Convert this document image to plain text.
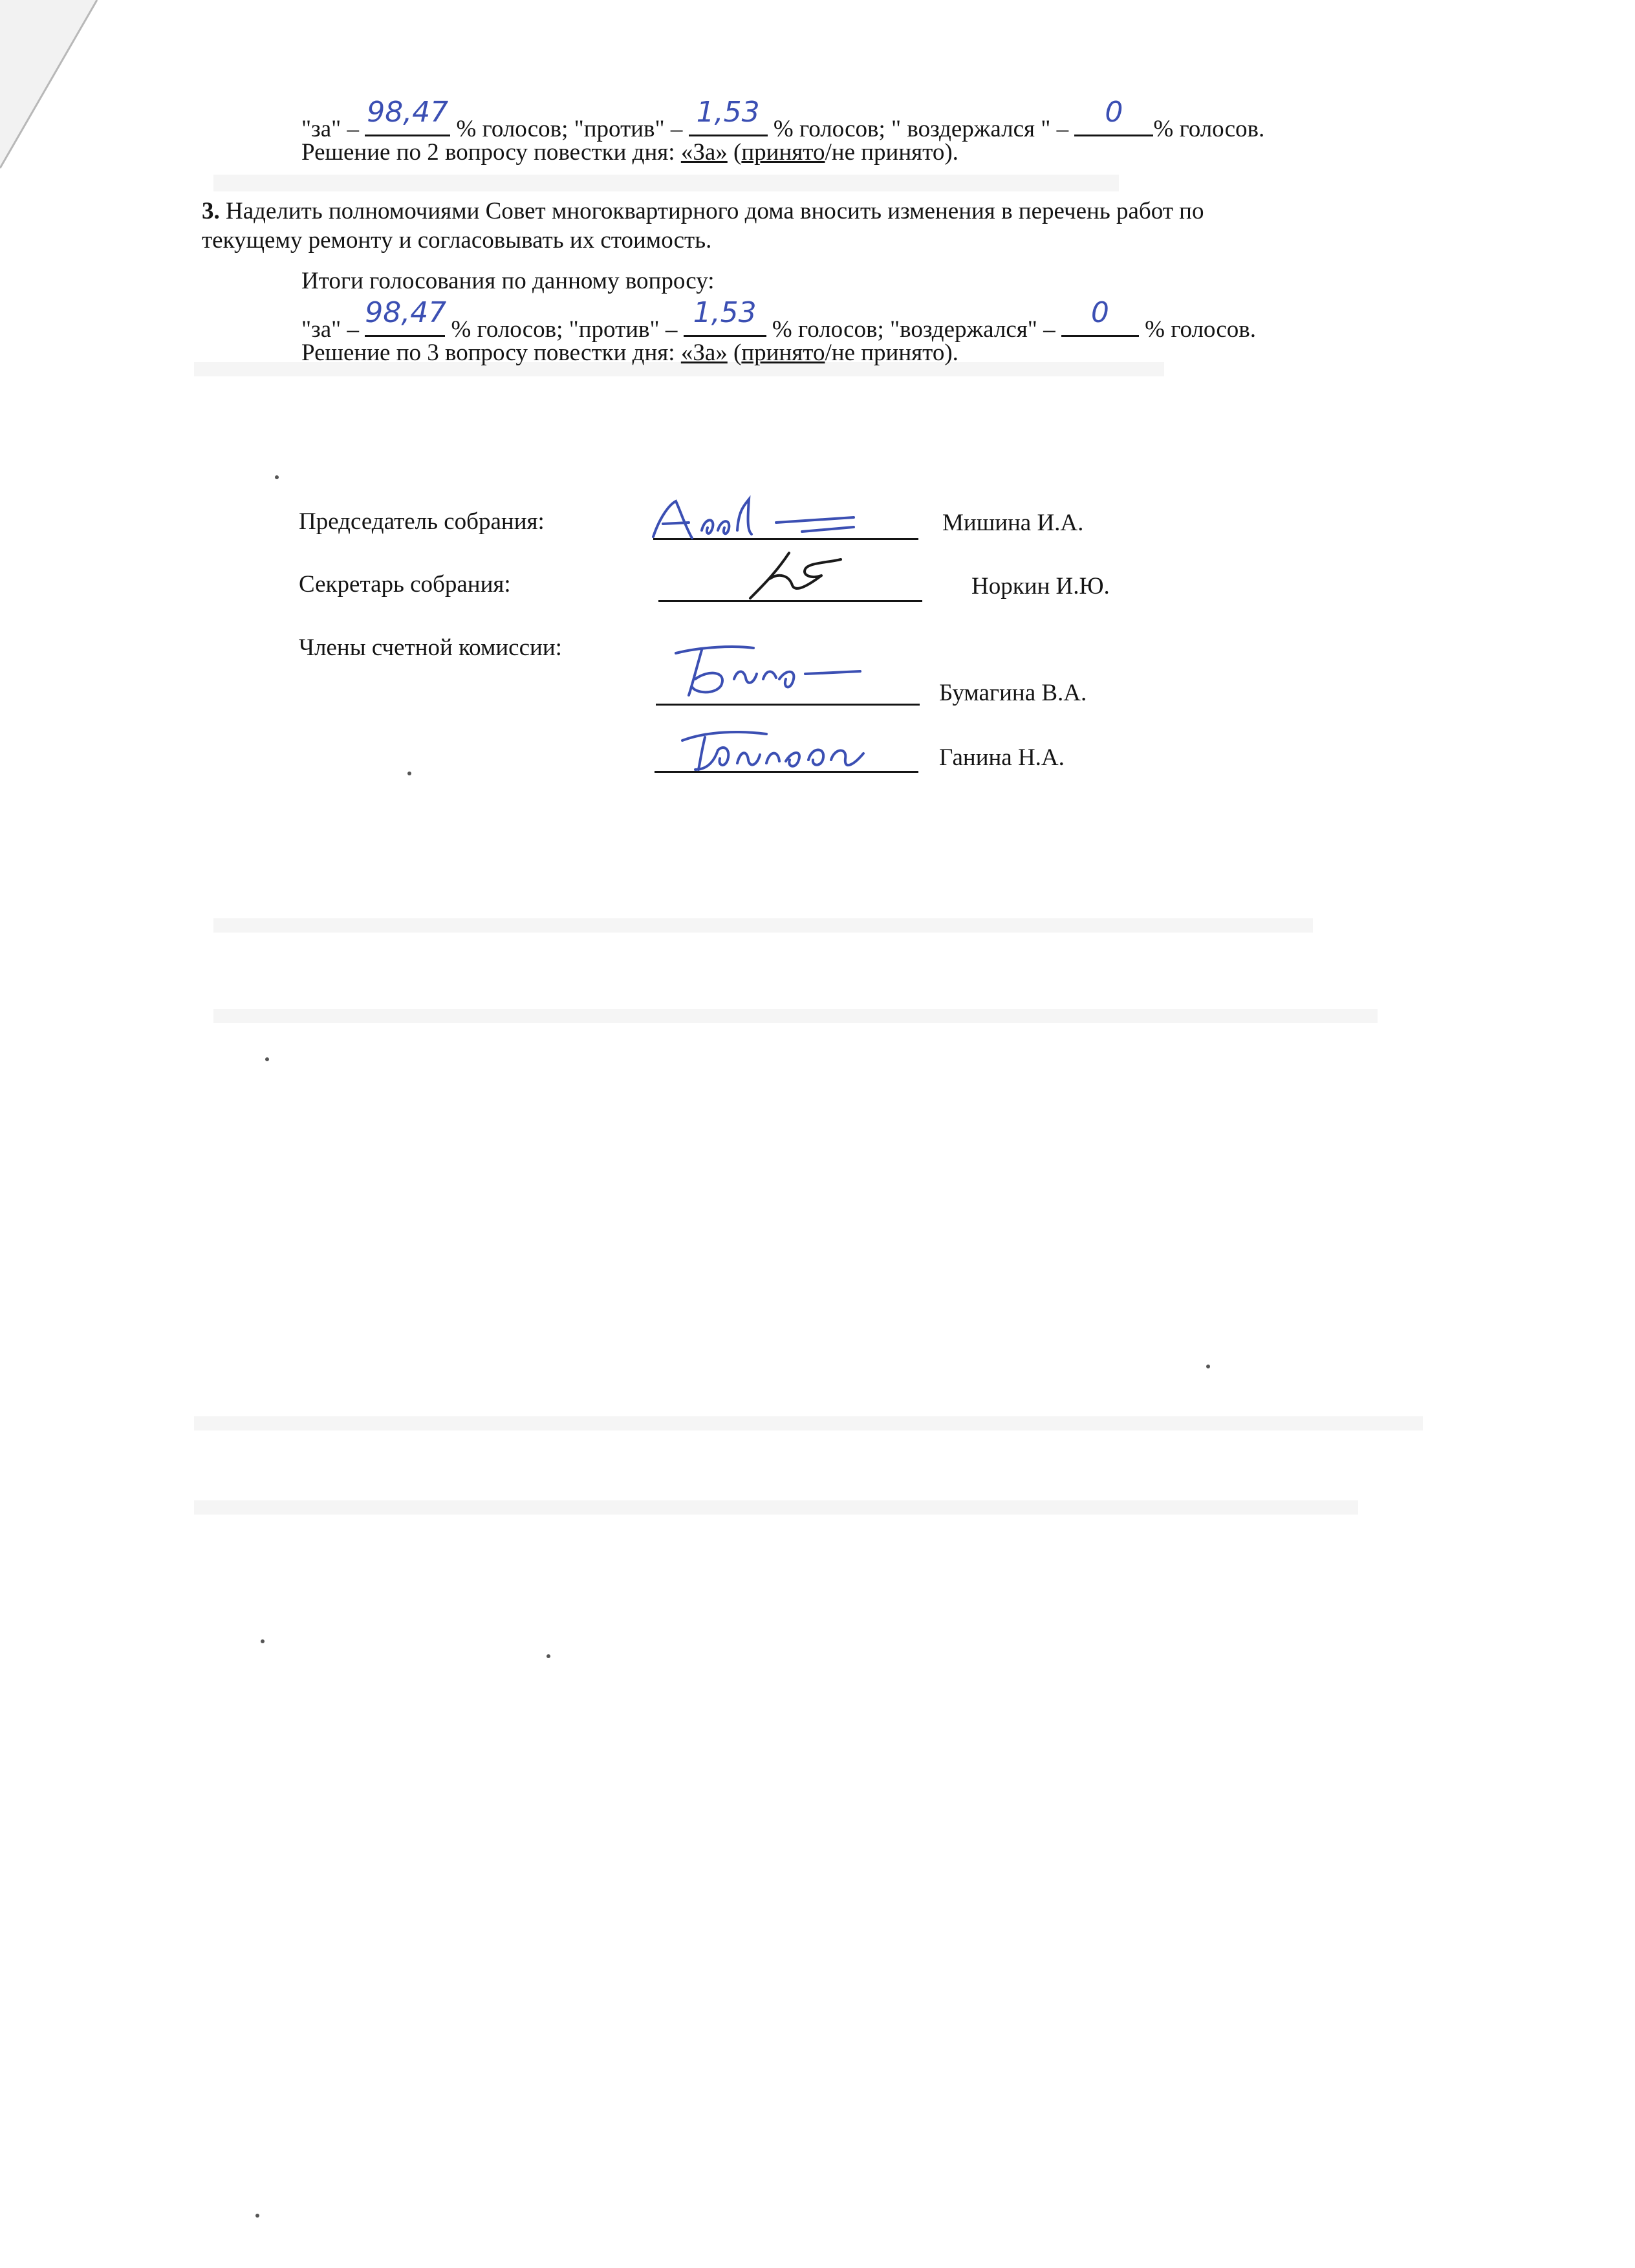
"за" –
98,47
% голосов; "против" –
1,53
% голосов; " воздержался " –
0
% голосов.
Решение по 2 вопросу повестки дня: «За» (принято/не принято).
3. Наделить полномочиями Совет многоквартирного дома вносить изменения в перечень работ по
текущему ремонту и согласовывать их стоимость.
Итоги голосования по данному вопросу:
"за" –
98,47
% голосов; "против" –
1,53
% голосов; "воздержался" –
0
% голосов.
Решение по 3 вопросу повестки дня: «За» (принято/не принято).
Председатель собрания:	Мишина И.А.
Секретарь собрания:	Норкин И.Ю.
Члены счетной комиссии:
Бумагина В.А.
Ганина Н.А.
